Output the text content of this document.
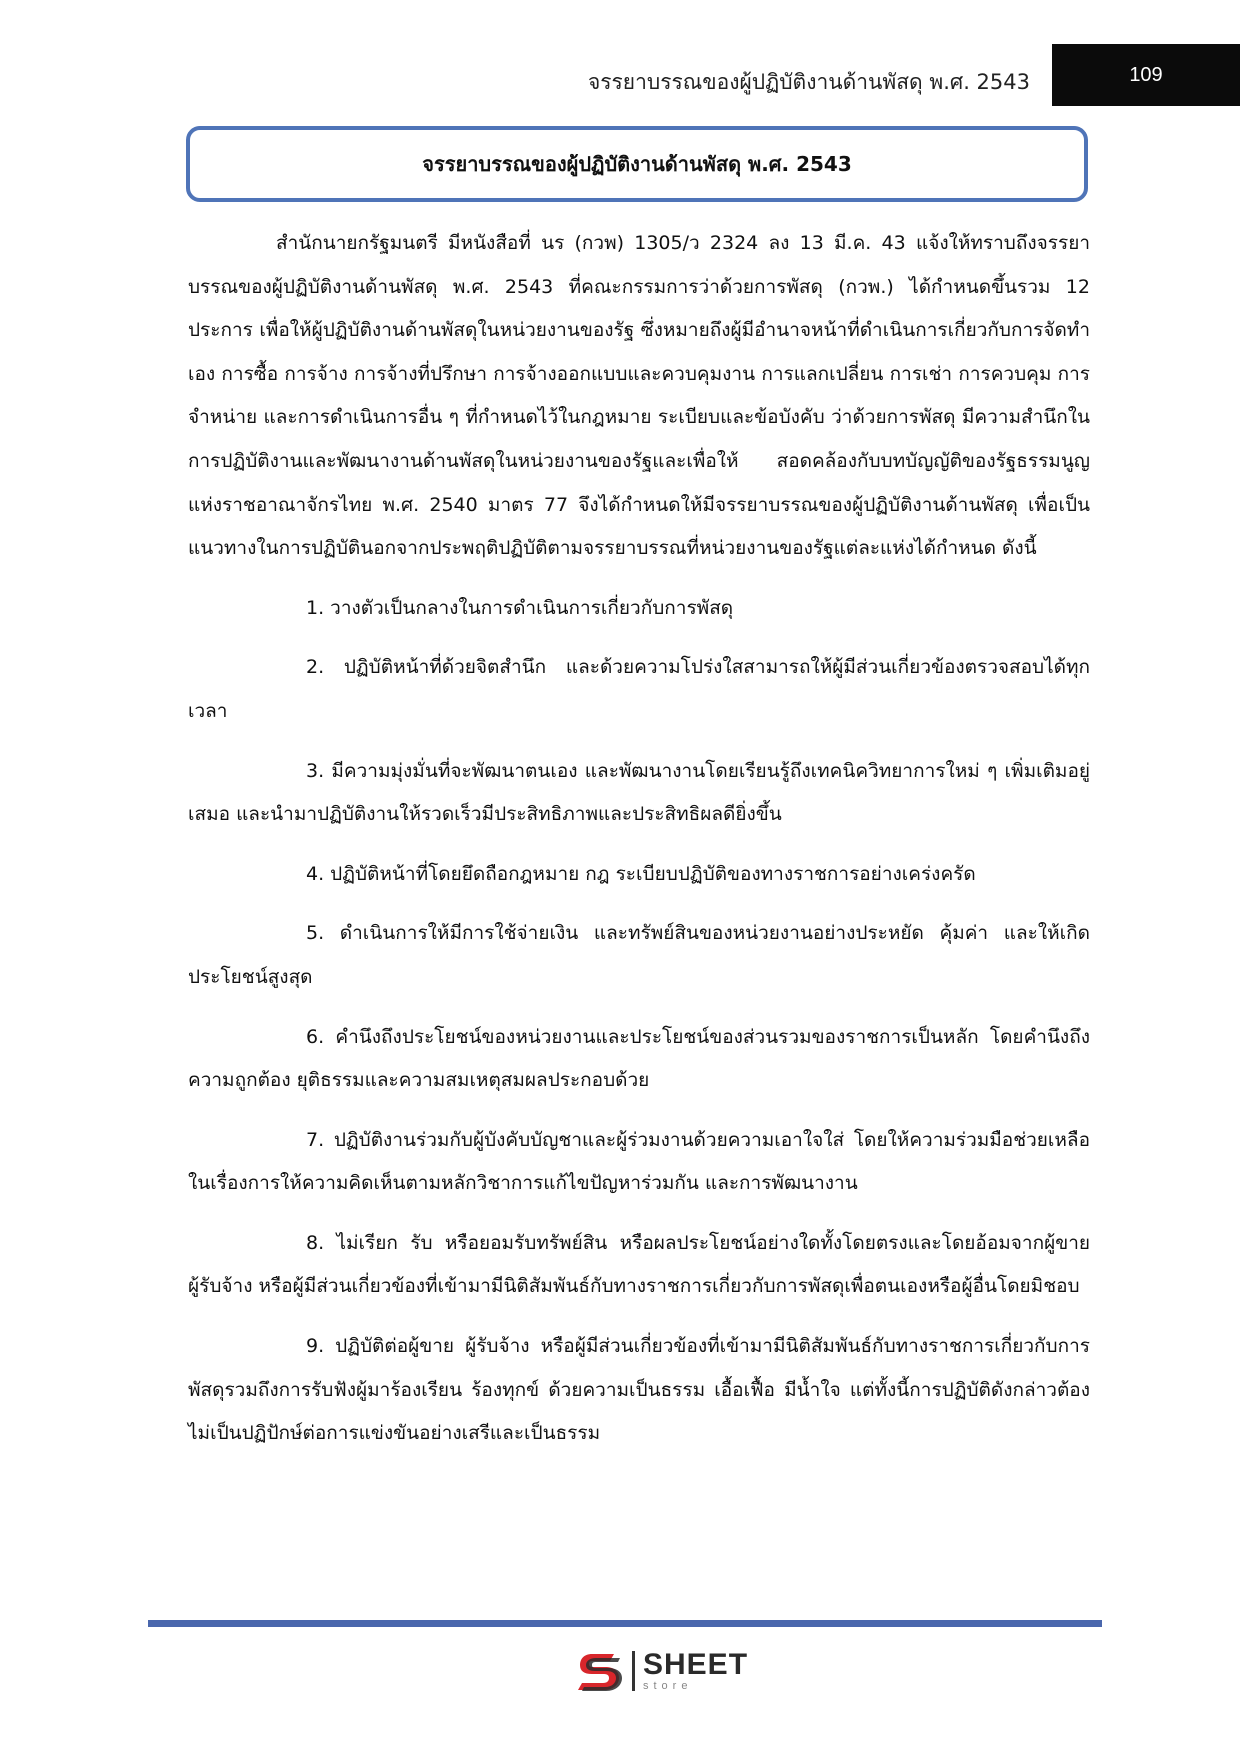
จรรยาบรรณของผู้ปฏิบัติงานด้านพัสดุ พ.ศ. 2543	109
จรรยาบรรณของผู้ปฏิบัติงานด้านพัสดุ พ.ศ. 2543

สำนักนายกรัฐมนตรี มีหนังสือที่ นร (กวพ) 1305/ว 2324 ลง 13 มี.ค. 43 แจ้งให้ทราบถึงจรรยาบรรณของผู้ปฏิบัติงานด้านพัสดุ พ.ศ. 2543 ที่คณะกรรมการว่าด้วยการพัสดุ (กวพ.) ได้กำหนดขึ้นรวม 12 ประการ เพื่อให้ผู้ปฏิบัติงานด้านพัสดุในหน่วยงานของรัฐ ซึ่งหมายถึงผู้มีอำนาจหน้าที่ดำเนินการเกี่ยวกับการจัดทำเอง การซื้อ การจ้าง การจ้างที่ปรึกษา การจ้างออกแบบและควบคุมงาน การแลกเปลี่ยน การเช่า การควบคุม การจำหน่าย และการดำเนินการอื่น ๆ ที่กำหนดไว้ในกฎหมาย ระเบียบและข้อบังคับ ว่าด้วยการพัสดุ มีความสำนึกในการปฏิบัติงานและพัฒนางานด้านพัสดุในหน่วยงานของรัฐและเพื่อให้ สอดคล้องกับบทบัญญัติของรัฐธรรมนูญแห่งราชอาณาจักรไทย พ.ศ. 2540 มาตร 77 จึงได้กำหนดให้มีจรรยาบรรณของผู้ปฏิบัติงานด้านพัสดุ เพื่อเป็นแนวทางในการปฏิบัตินอกจากประพฤติปฏิบัติตามจรรยาบรรณที่หน่วยงานของรัฐแต่ละแห่งได้กำหนด ดังนี้

1. วางตัวเป็นกลางในการดำเนินการเกี่ยวกับการพัสดุ

2. ปฏิบัติหน้าที่ด้วยจิตสำนึก และด้วยความโปร่งใสสามารถให้ผู้มีส่วนเกี่ยวข้องตรวจสอบได้ทุกเวลา

3. มีความมุ่งมั่นที่จะพัฒนาตนเอง และพัฒนางานโดยเรียนรู้ถึงเทคนิควิทยาการใหม่ ๆ เพิ่มเติมอยู่เสมอ และนำมาปฏิบัติงานให้รวดเร็วมีประสิทธิภาพและประสิทธิผลดียิ่งขึ้น

4. ปฏิบัติหน้าที่โดยยึดถือกฎหมาย กฎ ระเบียบปฏิบัติของทางราชการอย่างเคร่งครัด

5. ดำเนินการให้มีการใช้จ่ายเงิน และทรัพย์สินของหน่วยงานอย่างประหยัด คุ้มค่า และให้เกิดประโยชน์สูงสุด

6. คำนึงถึงประโยชน์ของหน่วยงานและประโยชน์ของส่วนรวมของราชการเป็นหลัก โดยคำนึงถึงความถูกต้อง ยุติธรรมและความสมเหตุสมผลประกอบด้วย

7. ปฏิบัติงานร่วมกับผู้บังคับบัญชาและผู้ร่วมงานด้วยความเอาใจใส่ โดยให้ความร่วมมือช่วยเหลือในเรื่องการให้ความคิดเห็นตามหลักวิชาการแก้ไขปัญหาร่วมกัน และการพัฒนางาน

8. ไม่เรียก รับ หรือยอมรับทรัพย์สิน หรือผลประโยชน์อย่างใดทั้งโดยตรงและโดยอ้อมจากผู้ขาย ผู้รับจ้าง หรือผู้มีส่วนเกี่ยวข้องที่เข้ามามีนิติสัมพันธ์กับทางราชการเกี่ยวกับการพัสดุเพื่อตนเองหรือผู้อื่นโดยมิชอบ

9. ปฏิบัติต่อผู้ขาย ผู้รับจ้าง หรือผู้มีส่วนเกี่ยวข้องที่เข้ามามีนิติสัมพันธ์กับทางราชการเกี่ยวกับการพัสดุรวมถึงการรับฟังผู้มาร้องเรียน ร้องทุกข์ ด้วยความเป็นธรรม เอื้อเฟื้อ มีน้ำใจ แต่ทั้งนี้การปฏิบัติดังกล่าวต้องไม่เป็นปฏิปักษ์ต่อการแข่งขันอย่างเสรีและเป็นธรรม

SHEET
store
